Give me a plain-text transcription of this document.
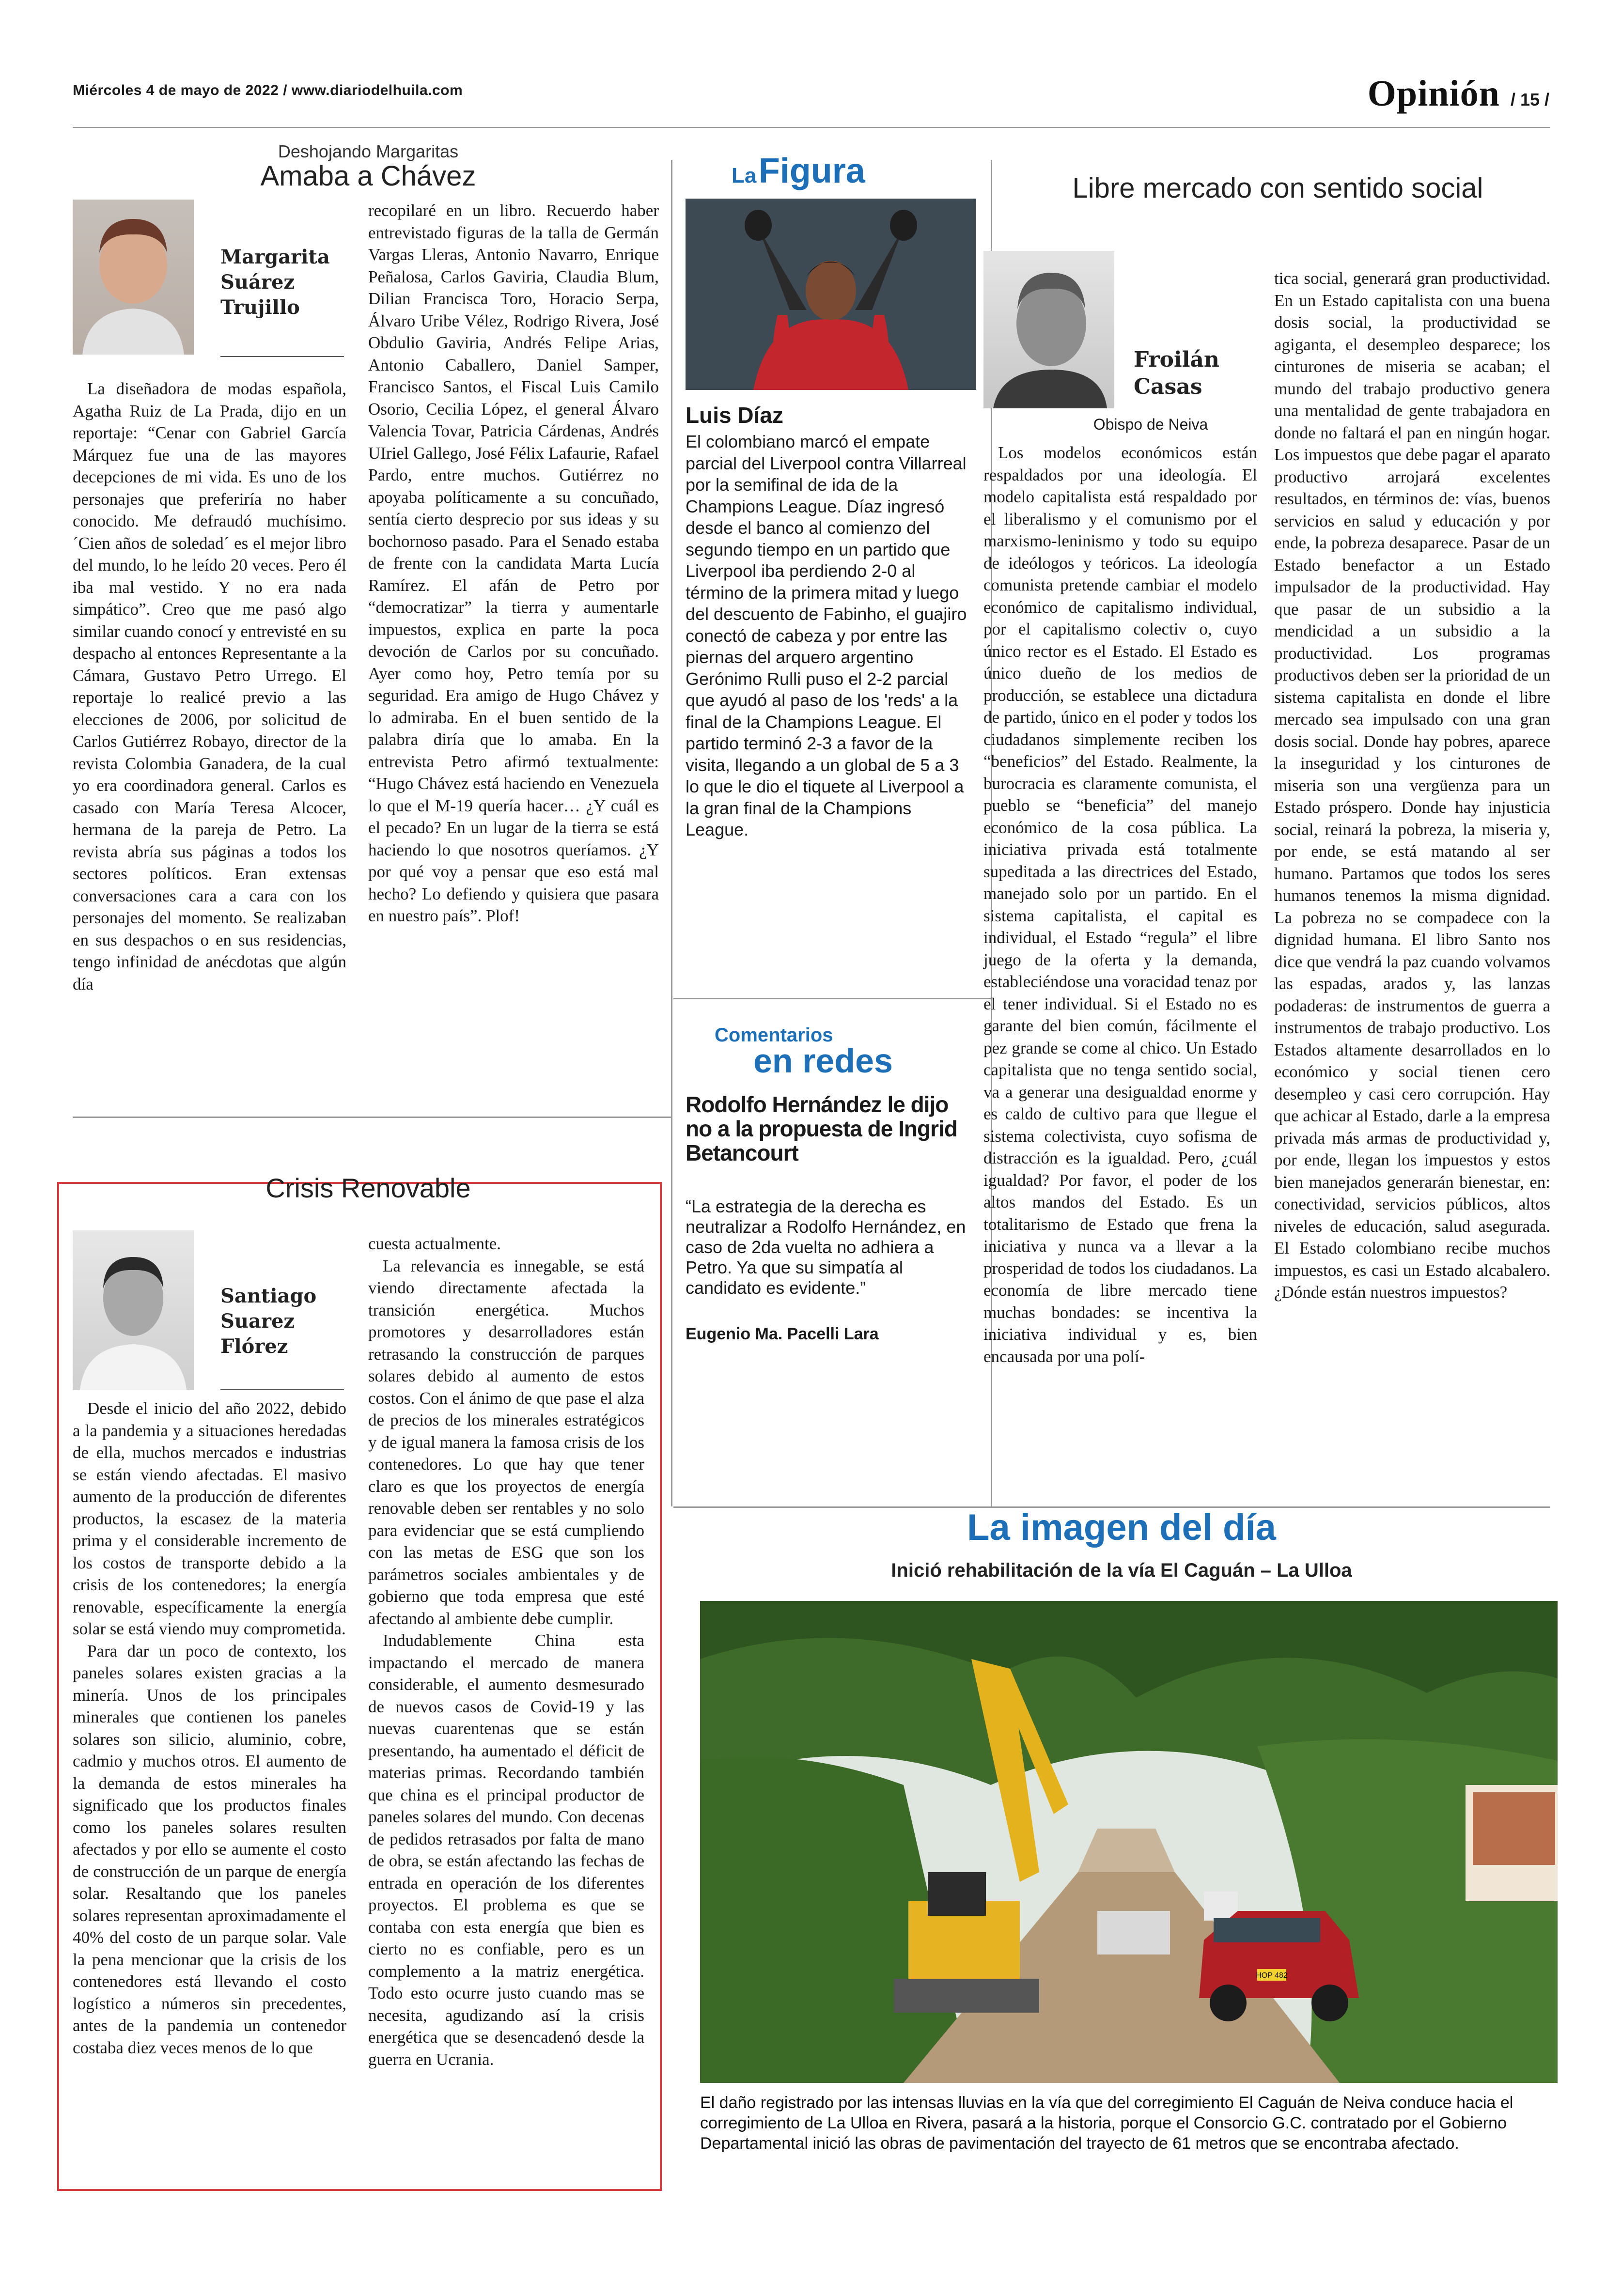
Miércoles 4 de mayo de 2022 / www.diariodelhuila.com	Opinión / 15 /
Deshojando Margaritas
Amaba a Chávez
Margarita
Suárez
Trujillo

La diseñadora de modas española, Agatha Ruiz de La Prada, dijo en un reportaje: “Cenar con Gabriel García Márquez fue una de las mayores decepciones de mi vida. Es uno de los personajes que preferiría no haber conocido. Me defraudó muchísimo. ´Cien años de soledad´ es el mejor libro del mundo, lo he leído 20 veces. Pero él iba mal vestido. Y no era nada simpático”. Creo que me pasó algo similar cuando conocí y entrevisté en su despacho al entonces Representante a la Cámara, Gustavo Petro Urrego. El reportaje lo realicé previo a las elecciones de 2006, por solicitud de Carlos Gutiérrez Robayo, director de la revista Colombia Ganadera, de la cual yo era coordinadora general. Carlos es casado con María Teresa Alcocer, hermana de la pareja de Petro. La revista abría sus páginas a todos los sectores políticos. Eran extensas conversaciones cara a cara con los personajes del momento. Se realizaban en sus despachos o en sus residencias, tengo infinidad de anécdotas que algún día

recopilaré en un libro. Recuerdo haber entrevistado figuras de la talla de Germán Vargas Lleras, Antonio Navarro, Enrique Peñalosa, Carlos Gaviria, Claudia Blum, Dilian Francisca Toro, Horacio Serpa, Álvaro Uribe Vélez, Rodrigo Rivera, José Obdulio Gaviria, Andrés Felipe Arias, Antonio Caballero, Daniel Samper, Francisco Santos, el Fiscal Luis Camilo Osorio, Cecilia López, el general Álvaro Valencia Tovar, Patricia Cárdenas, Andrés UIriel Gallego, José Félix Lafaurie, Rafael Pardo, entre muchos. Gutiérrez no apoyaba políticamente a su concuñado, sentía cierto desprecio por sus ideas y su bochornoso pasado. Para el Senado estaba de frente con la candidata Marta Lucía Ramírez. El afán de Petro por “democratizar” la tierra y aumentarle impuestos, explica en parte la poca devoción de Carlos por su concuñado. Ayer como hoy, Petro temía por su seguridad. Era amigo de Hugo Chávez y lo admiraba. En el buen sentido de la palabra diría que lo amaba. En la entrevista Petro afirmó textualmente: “Hugo Chávez está haciendo en Venezuela lo que el M-19 quería hacer… ¿Y cuál es el pecado? En un lugar de la tierra se está haciendo lo que nosotros queríamos. ¿Y por qué voy a pensar que eso está mal hecho? Lo defiendo y quisiera que pasara en nuestro país”. Plof!

Crisis Renovable
Santiago
Suarez
Flórez

Desde el inicio del año 2022, debido a la pandemia y a situaciones heredadas de ella, muchos mercados e industrias se están viendo afectadas. El masivo aumento de la producción de diferentes productos, la escasez de la materia prima y el considerable incremento de los costos de transporte debido a la crisis de los contenedores; la energía renovable, específicamente la energía solar se está viendo muy comprometida.

Para dar un poco de contexto, los paneles solares existen gracias a la minería. Unos de los principales minerales que contienen los paneles solares son silicio, aluminio, cobre, cadmio y muchos otros. El aumento de la demanda de estos minerales ha significado que los productos finales como los paneles solares resulten afectados y por ello se aumente el costo de construcción de un parque de energía solar. Resaltando que los paneles solares representan aproximadamente el 40% del costo de un parque solar. Vale la pena mencionar que la crisis de los contenedores está llevando el costo logístico a números sin precedentes, antes de la pandemia un contenedor costaba diez veces menos de lo que

cuesta actualmente.

La relevancia es innegable, se está viendo directamente afectada la transición energética. Muchos promotores y desarrolladores están retrasando la construcción de parques solares debido al aumento de estos costos. Con el ánimo de que pase el alza de precios de los minerales estratégicos y de igual manera la famosa crisis de los contenedores. Lo que hay que tener claro es que los proyectos de energía renovable deben ser rentables y no solo para evidenciar que se está cumpliendo con las metas de ESG que son los parámetros sociales ambientales y de gobierno que toda empresa que esté afectando al ambiente debe cumplir.

Indudablemente China esta impactando el mercado de manera considerable, el aumento desmesurado de nuevos casos de Covid-19 y las nuevas cuarentenas que se están presentando, ha aumentado el déficit de materias primas. Recordando también que china es el principal productor de paneles solares del mundo. Con decenas de pedidos retrasados por falta de mano de obra, se están afectando las fechas de entrada en operación de los diferentes proyectos. El problema es que se contaba con esta energía que bien es cierto no es confiable, pero es un complemento a la matriz energética. Todo esto ocurre justo cuando mas se necesita, agudizando así la crisis energética que se desencadenó desde la guerra en Ucrania.

La Figura
Luis Díaz
El colombiano marcó el empate parcial del Liverpool contra Villarreal por la semifinal de ida de la Champions League. Díaz ingresó desde el banco al comienzo del segundo tiempo en un partido que Liverpool iba perdiendo 2-0 al término de la primera mitad y luego del descuento de Fabinho, el guajiro conectó de cabeza y por entre las piernas del arquero argentino Gerónimo Rulli puso el 2-2 parcial que ayudó al paso de los 'reds' a la final de la Champions League. El partido terminó 2-3 a favor de la visita, llegando a un global de 5 a 3 lo que le dio el tiquete al Liverpool a la gran final de la Champions League.
Comentarios
en redes
Rodolfo Hernández le dijo no a la propuesta de Ingrid Betancourt
“La estrategia de la derecha es neutralizar a Rodolfo Hernández, en caso de 2da vuelta no adhiera a Petro. Ya que su simpatía al candidato es evidente.”
Eugenio Ma. Pacelli Lara
Libre mercado con sentido social
Froilán
Casas
Obispo de Neiva

Los modelos económicos están respaldados por una ideología. El modelo capitalista está respaldado por el liberalismo y el comunismo por el marxismo-leninismo y todo su equipo de ideólogos y teóricos. La ideología comunista pretende cambiar el modelo económico de capitalismo individual, por el capitalismo colectiv o, cuyo único rector es el Estado. El Estado es único dueño de los medios de producción, se establece una dictadura de partido, único en el poder y todos los ciudadanos simplemente reciben los “beneficios” del Estado. Realmente, la burocracia es claramente comunista, el pueblo se “beneficia” del manejo económico de la cosa pública. La iniciativa privada está totalmente supeditada a las directrices del Estado, manejado solo por un partido. En el sistema capitalista, el capital es individual, el Estado “regula” el libre juego de la oferta y la demanda, estableciéndose una voracidad tenaz por el tener individual. Si el Estado no es garante del bien común, fácilmente el pez grande se come al chico. Un Estado capitalista que no tenga sentido social, va a generar una desigualdad enorme y es caldo de cultivo para que llegue el sistema colectivista, cuyo sofisma de distracción es la igualdad. Pero, ¿cuál igualdad? Por favor, el poder de los altos mandos del Estado. Es un totalitarismo de Estado que frena la iniciativa y nunca va a llevar a la prosperidad de todos los ciudadanos. La economía de libre mercado tiene muchas bondades: se incentiva la iniciativa individual y es, bien encausada por una polí-

tica social, generará gran productividad. En un Estado capitalista con una buena dosis social, la productividad se agiganta, el desempleo desparece; los cinturones de miseria se acaban; el mundo del trabajo productivo genera una mentalidad de gente trabajadora en donde no faltará el pan en ningún hogar. Los impuestos que debe pagar el aparato productivo arrojará excelentes resultados, en términos de: vías, buenos servicios en salud y educación y por ende, la pobreza desaparece. Pasar de un Estado benefactor a un Estado impulsador de la productividad. Hay que pasar de un subsidio a la mendicidad a un subsidio a la productividad. Los programas productivos deben ser la prioridad de un sistema capitalista en donde el libre mercado sea impulsado con una gran dosis social. Donde hay pobres, aparece la inseguridad y los cinturones de miseria son una vergüenza para un Estado próspero. Donde hay injusticia social, reinará la pobreza, la miseria y, por ende, se está matando al ser humano. Partamos que todos los seres humanos tenemos la misma dignidad. La pobreza no se compadece con la dignidad humana. El libro Santo nos dice que vendrá la paz cuando volvamos las espadas, arados y, las lanzas podaderas: de instrumentos de guerra a instrumentos de trabajo productivo. Los Estados altamente desarrollados en lo económico y social tienen cero desempleo y casi cero corrupción. Hay que achicar al Estado, darle a la empresa privada más armas de productividad y, por ende, llegan los impuestos y estos bien manejados generarán bienestar, en: conectividad, servicios públicos, altos niveles de educación, salud asegurada. El Estado colombiano recibe muchos impuestos, es casi un Estado alcabalero. ¿Dónde están nuestros impuestos?

La imagen del día
Inició rehabilitación de la vía El Caguán – La Ulloa
HOP 482
El daño registrado por las intensas lluvias en la vía que del corregimiento El Caguán de Neiva conduce hacia el corregimiento de La Ulloa en Rivera, pasará a la historia, porque el Consorcio G.C. contratado por el Gobierno Departamental inició las obras de pavimentación del trayecto de 61 metros que se encontraba afectado.
